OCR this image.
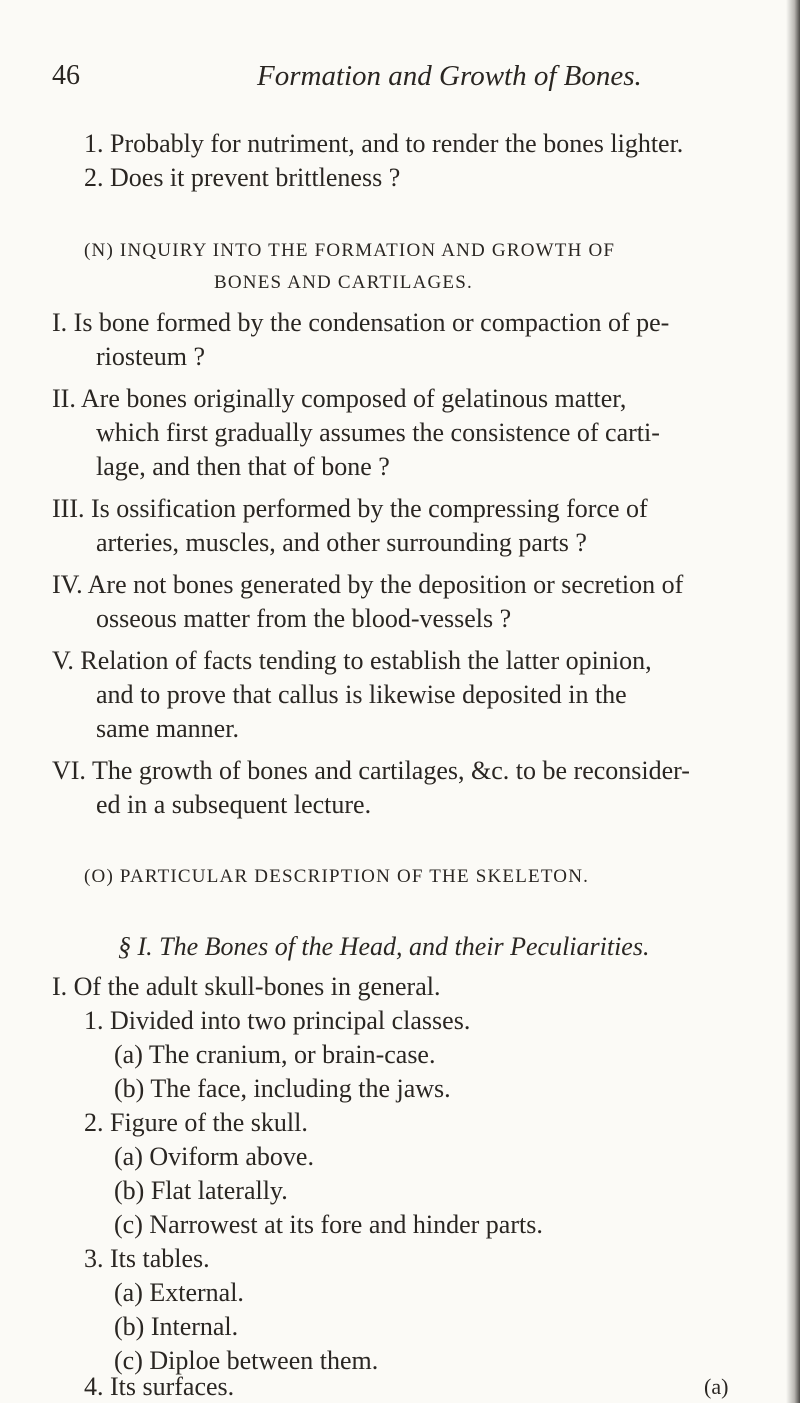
46	Formation and Growth of Bones.
1. Probably for nutriment, and to render the bones lighter.
2. Does it prevent brittleness ?
(N) INQUIRY INTO THE FORMATION AND GROWTH OF
BONES AND CARTILAGES.
I. Is bone formed by the condensation or compaction of pe-
riosteum ?
II. Are bones originally composed of gelatinous matter,
which first gradually assumes the consistence of carti-
lage, and then that of bone ?
III. Is ossification performed by the compressing force of
arteries, muscles, and other surrounding parts ?
IV. Are not bones generated by the deposition or secretion of
osseous matter from the blood-vessels ?
V. Relation of facts tending to establish the latter opinion,
and to prove that callus is likewise deposited in the
same manner.
VI. The growth of bones and cartilages, &c. to be reconsider-
ed in a subsequent lecture.
(O) PARTICULAR DESCRIPTION OF THE SKELETON.
§ I. The Bones of the Head, and their Peculiarities.
I. Of the adult skull-bones in general.
1. Divided into two principal classes.
(a) The cranium, or brain-case.
(b) The face, including the jaws.
2. Figure of the skull.
(a) Oviform above.
(b) Flat laterally.
(c) Narrowest at its fore and hinder parts.
3. Its tables.
(a) External.
(b) Internal.
(c) Diploe between them.
4. Its surfaces.	(a)
